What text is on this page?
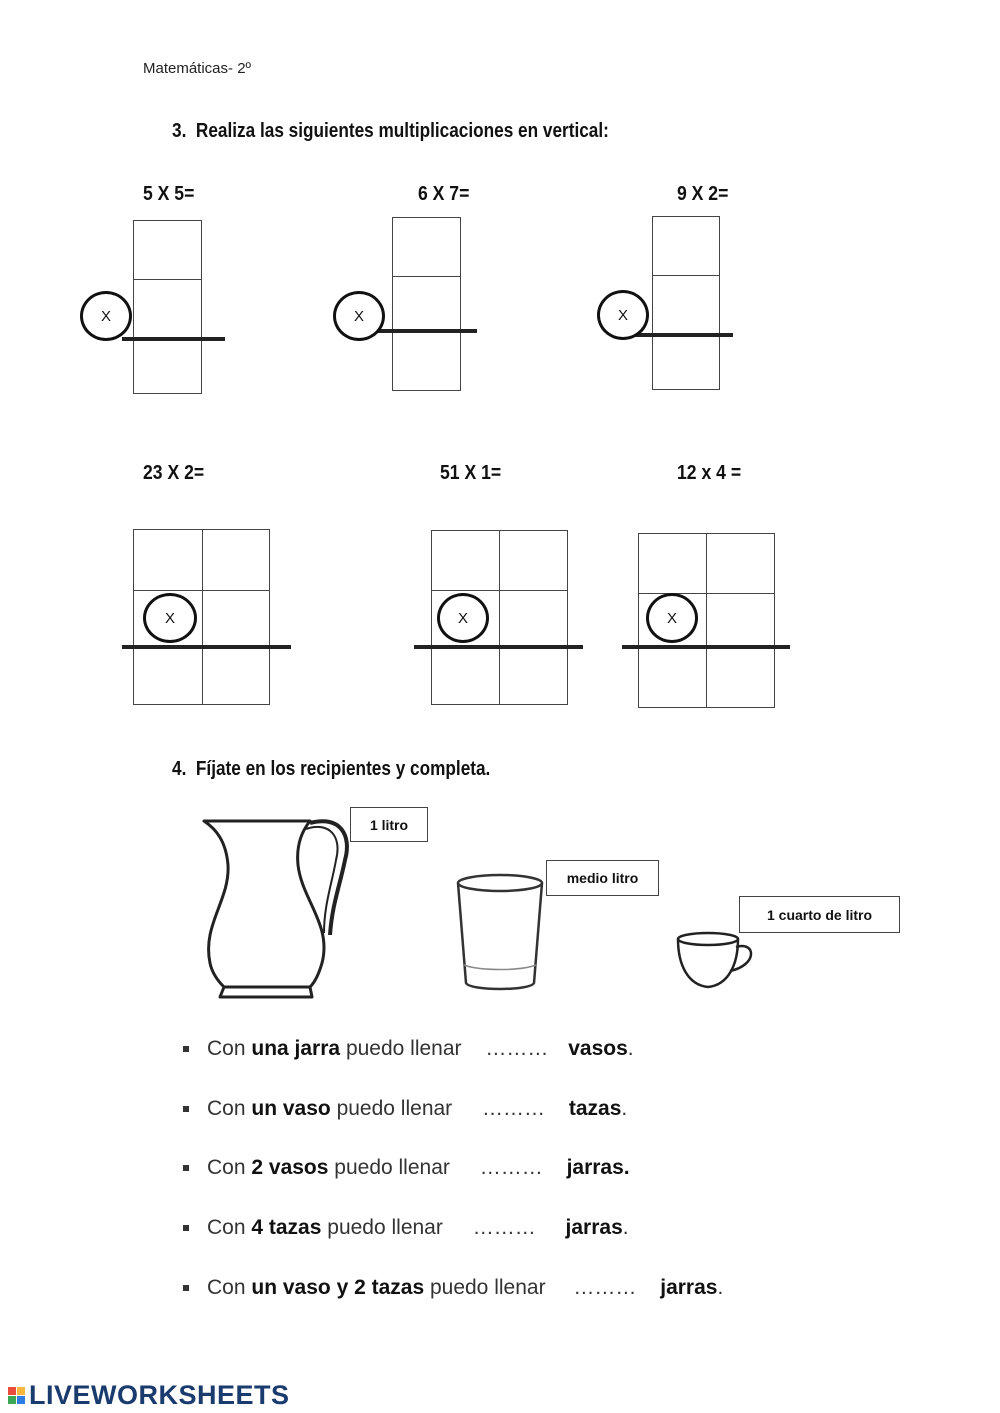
Matemáticas- 2º
3. Realiza las siguientes multiplicaciones en vertical:
5 X 5=	6 X 7=	9 X 2=
23 X 2=	51 X 1=	12 x 4 =
X	X	X
X	X	X
4. Fíjate en los recipientes y completa.
1 litro
medio litro
1 cuarto de litro
Con una jarra puedo llenar ……… vasos.
Con un vaso puedo llenar ……… tazas.
Con 2 vasos puedo llenar ……… jarras.
Con 4 tazas puedo llenar ……… jarras.
Con un vaso y 2 tazas puedo llenar ……… jarras.
LIVEWORKSHEETS
